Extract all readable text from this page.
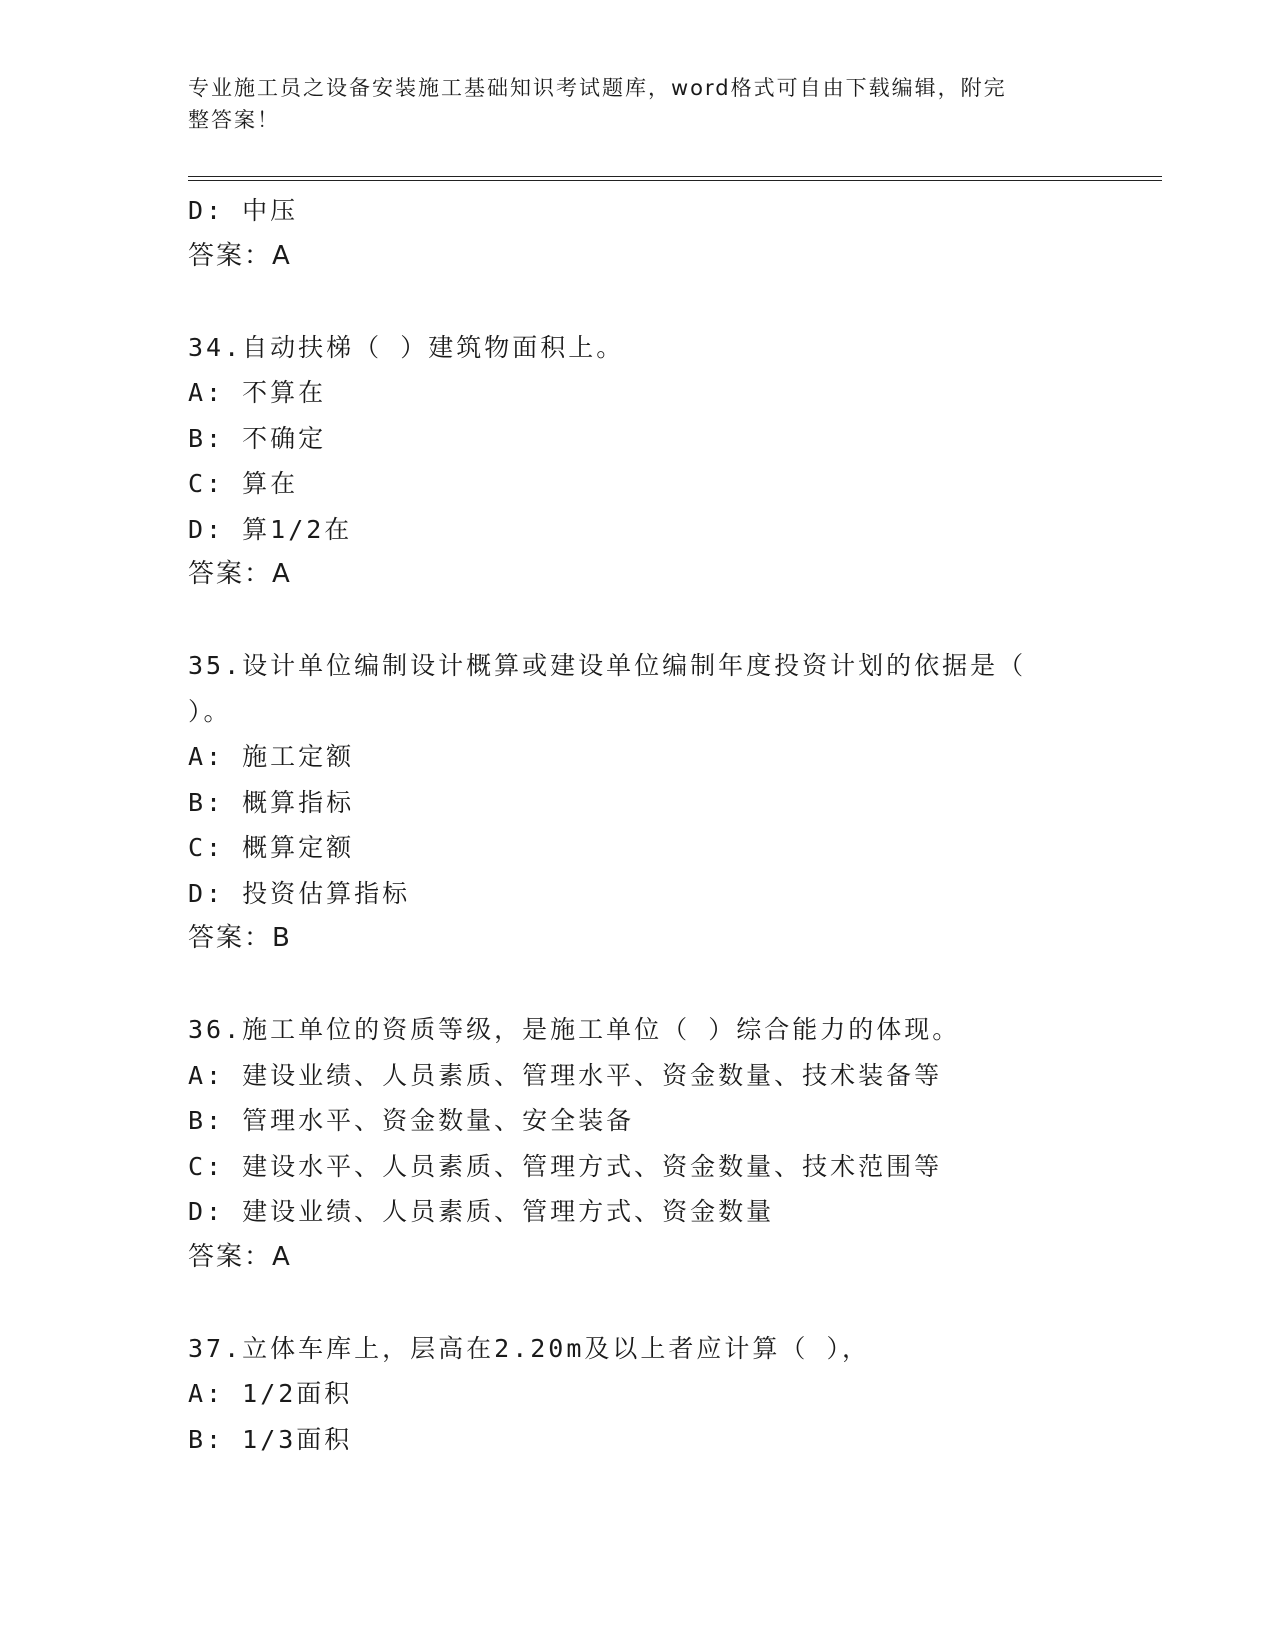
专业施工员之设备安装施工基础知识考试题库，word格式可自由下载编辑，附完
整答案！
D: 中压
答案：A
34.自动扶梯（ ）建筑物面积上。
A: 不算在
B: 不确定
C: 算在
D: 算1/2在
答案：A
35.设计单位编制设计概算或建设单位编制年度投资计划的依据是（
）。
A: 施工定额
B: 概算指标
C: 概算定额
D: 投资估算指标
答案：B
36.施工单位的资质等级，是施工单位（ ）综合能力的体现。
A: 建设业绩、人员素质、管理水平、资金数量、技术装备等
B: 管理水平、资金数量、安全装备
C: 建设水平、人员素质、管理方式、资金数量、技术范围等
D: 建设业绩、人员素质、管理方式、资金数量
答案：A
37.立体车库上，层高在2.20m及以上者应计算（ ），
A: 1/2面积
B: 1/3面积
